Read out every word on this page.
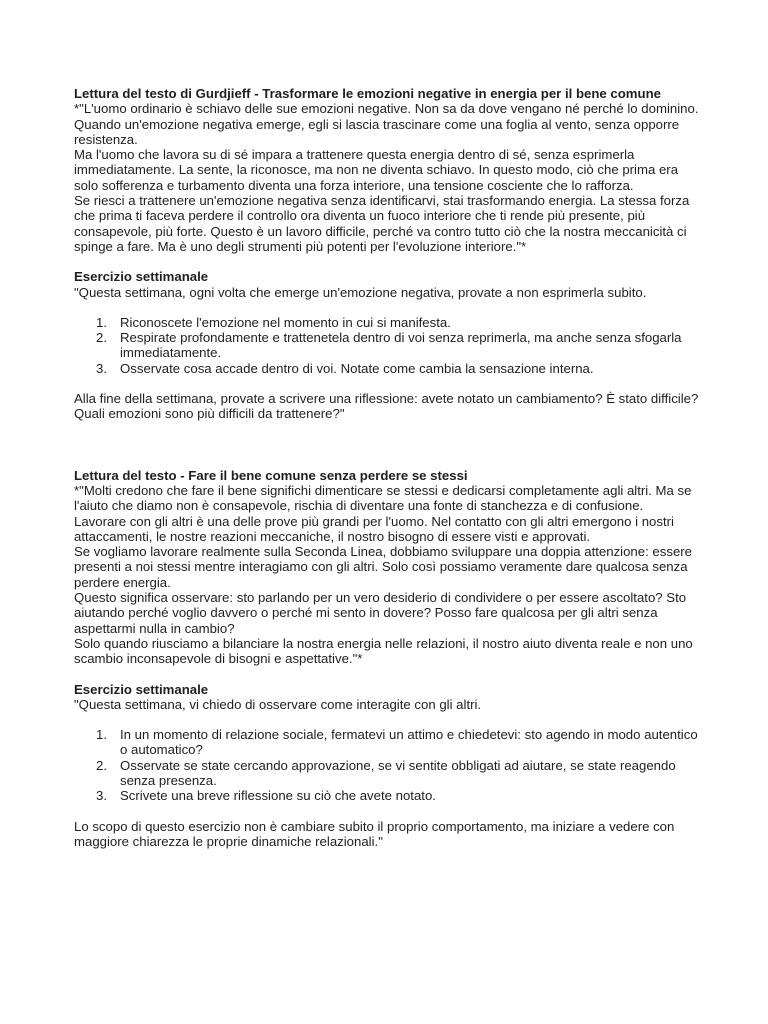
Lettura del testo di Gurdjieff - Trasformare le emozioni negative in energia per il bene comune

*"L'uomo ordinario è schiavo delle sue emozioni negative. Non sa da dove vengano né perché lo dominino. Quando un'emozione negativa emerge, egli si lascia trascinare come una foglia al vento, senza opporre resistenza.

Ma l'uomo che lavora su di sé impara a trattenere questa energia dentro di sé, senza esprimerla immediatamente. La sente, la riconosce, ma non ne diventa schiavo. In questo modo, ciò che prima era solo sofferenza e turbamento diventa una forza interiore, una tensione cosciente che lo rafforza.

Se riesci a trattenere un'emozione negativa senza identificarvi, stai trasformando energia. La stessa forza che prima ti faceva perdere il controllo ora diventa un fuoco interiore che ti rende più presente, più consapevole, più forte. Questo è un lavoro difficile, perché va contro tutto ciò che la nostra meccanicità ci spinge a fare. Ma è uno degli strumenti più potenti per l'evoluzione interiore."*

Esercizio settimanale

"Questa settimana, ogni volta che emerge un'emozione negativa, provate a non esprimerla subito.

1. Riconoscete l'emozione nel momento in cui si manifesta.
2. Respirate profondamente e trattenetela dentro di voi senza reprimerla, ma anche senza sfogarla immediatamente.
3. Osservate cosa accade dentro di voi. Notate come cambia la sensazione interna.

Alla fine della settimana, provate a scrivere una riflessione: avete notato un cambiamento? È stato difficile? Quali emozioni sono più difficili da trattenere?"

Lettura del testo - Fare il bene comune senza perdere se stessi

*"Molti credono che fare il bene significhi dimenticare se stessi e dedicarsi completamente agli altri. Ma se l'aiuto che diamo non è consapevole, rischia di diventare una fonte di stanchezza e di confusione.

Lavorare con gli altri è una delle prove più grandi per l'uomo. Nel contatto con gli altri emergono i nostri attaccamenti, le nostre reazioni meccaniche, il nostro bisogno di essere visti e approvati.

Se vogliamo lavorare realmente sulla Seconda Linea, dobbiamo sviluppare una doppia attenzione: essere presenti a noi stessi mentre interagiamo con gli altri. Solo così possiamo veramente dare qualcosa senza perdere energia.

Questo significa osservare: sto parlando per un vero desiderio di condividere o per essere ascoltato? Sto aiutando perché voglio davvero o perché mi sento in dovere? Posso fare qualcosa per gli altri senza aspettarmi nulla in cambio?

Solo quando riusciamo a bilanciare la nostra energia nelle relazioni, il nostro aiuto diventa reale e non uno scambio inconsapevole di bisogni e aspettative."*

Esercizio settimanale

"Questa settimana, vi chiedo di osservare come interagite con gli altri.

1. In un momento di relazione sociale, fermatevi un attimo e chiedetevi: sto agendo in modo autentico o automatico?
2. Osservate se state cercando approvazione, se vi sentite obbligati ad aiutare, se state reagendo senza presenza.
3. Scrivete una breve riflessione su ciò che avete notato.

Lo scopo di questo esercizio non è cambiare subito il proprio comportamento, ma iniziare a vedere con maggiore chiarezza le proprie dinamiche relazionali."
